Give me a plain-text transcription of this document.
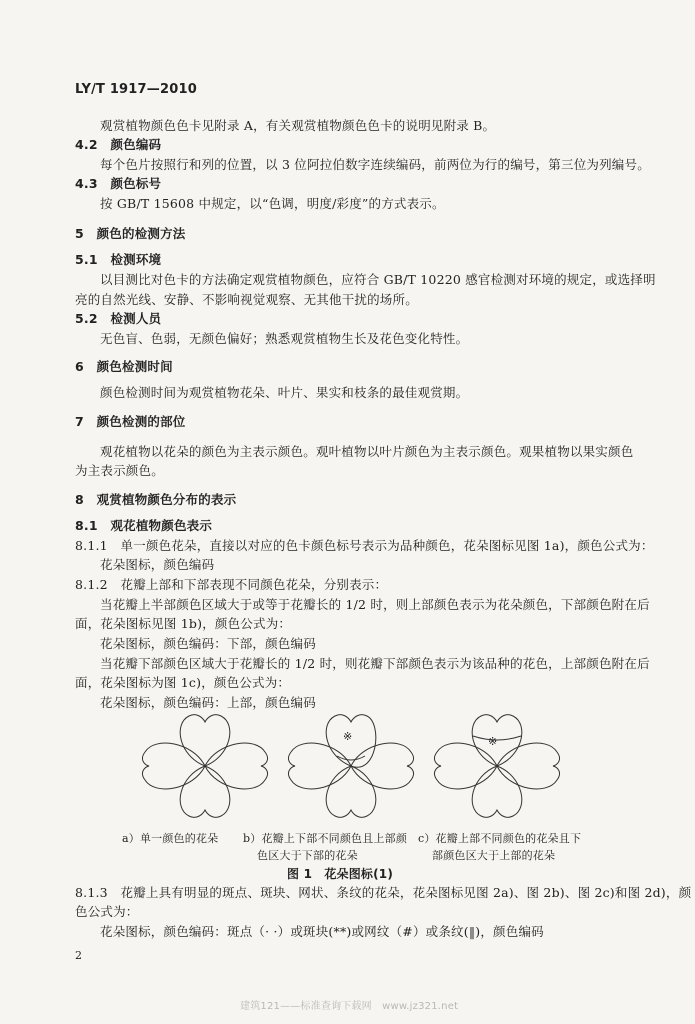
LY/T 1917—2010
观赏植物颜色色卡见附录 A，有关观赏植物颜色色卡的说明见附录 B。
4.2　颜色编码
每个色片按照行和列的位置，以 3 位阿拉伯数字连续编码，前两位为行的编号，第三位为列编号。
4.3　颜色标号
按 GB/T 15608 中规定，以“色调，明度/彩度”的方式表示。
5　颜色的检测方法
5.1　检测环境
以目测比对色卡的方法确定观赏植物颜色，应符合 GB/T 10220 感官检测对环境的规定，或选择明
亮的自然光线、安静、不影响视觉观察、无其他干扰的场所。
5.2　检测人员
无色盲、色弱，无颜色偏好；熟悉观赏植物生长及花色变化特性。
6　颜色检测时间
颜色检测时间为观赏植物花朵、叶片、果实和枝条的最佳观赏期。
7　颜色检测的部位
观花植物以花朵的颜色为主表示颜色。观叶植物以叶片颜色为主表示颜色。观果植物以果实颜色
为主表示颜色。
8　观赏植物颜色分布的表示
8.1　观花植物颜色表示
8.1.1　单一颜色花朵，直接以对应的色卡颜色标号表示为品种颜色，花朵图标见图 1a)，颜色公式为：
花朵图标，颜色编码
8.1.2　花瓣上部和下部表现不同颜色花朵，分别表示：
当花瓣上半部颜色区域大于或等于花瓣长的 1/2 时，则上部颜色表示为花朵颜色，下部颜色附在后
面，花朵图标见图 1b)，颜色公式为：
花朵图标，颜色编码：下部，颜色编码
当花瓣下部颜色区域大于花瓣长的 1/2 时，则花瓣下部颜色表示为该品种的花色，上部颜色附在后
面，花朵图标为图 1c)，颜色公式为：
花朵图标，颜色编码：上部，颜色编码
※	※
a）单一颜色的花朵 b）花瓣上下部不同颜色且上部颜
色区大于下部的花朵
c）花瓣上部不同颜色的花朵且下
部颜色区大于上部的花朵
图 1　花朵图标(1)
8.1.3　花瓣上具有明显的斑点、斑块、网状、条纹的花朵，花朵图标见图 2a)、图 2b)、图 2c)和图 2d)，颜
色公式为：
花朵图标，颜色编码：斑点（· ·）或斑块(**)或网纹（#）或条纹(‖)，颜色编码
2
建筑121——标准查询下载网　www.jz321.net
